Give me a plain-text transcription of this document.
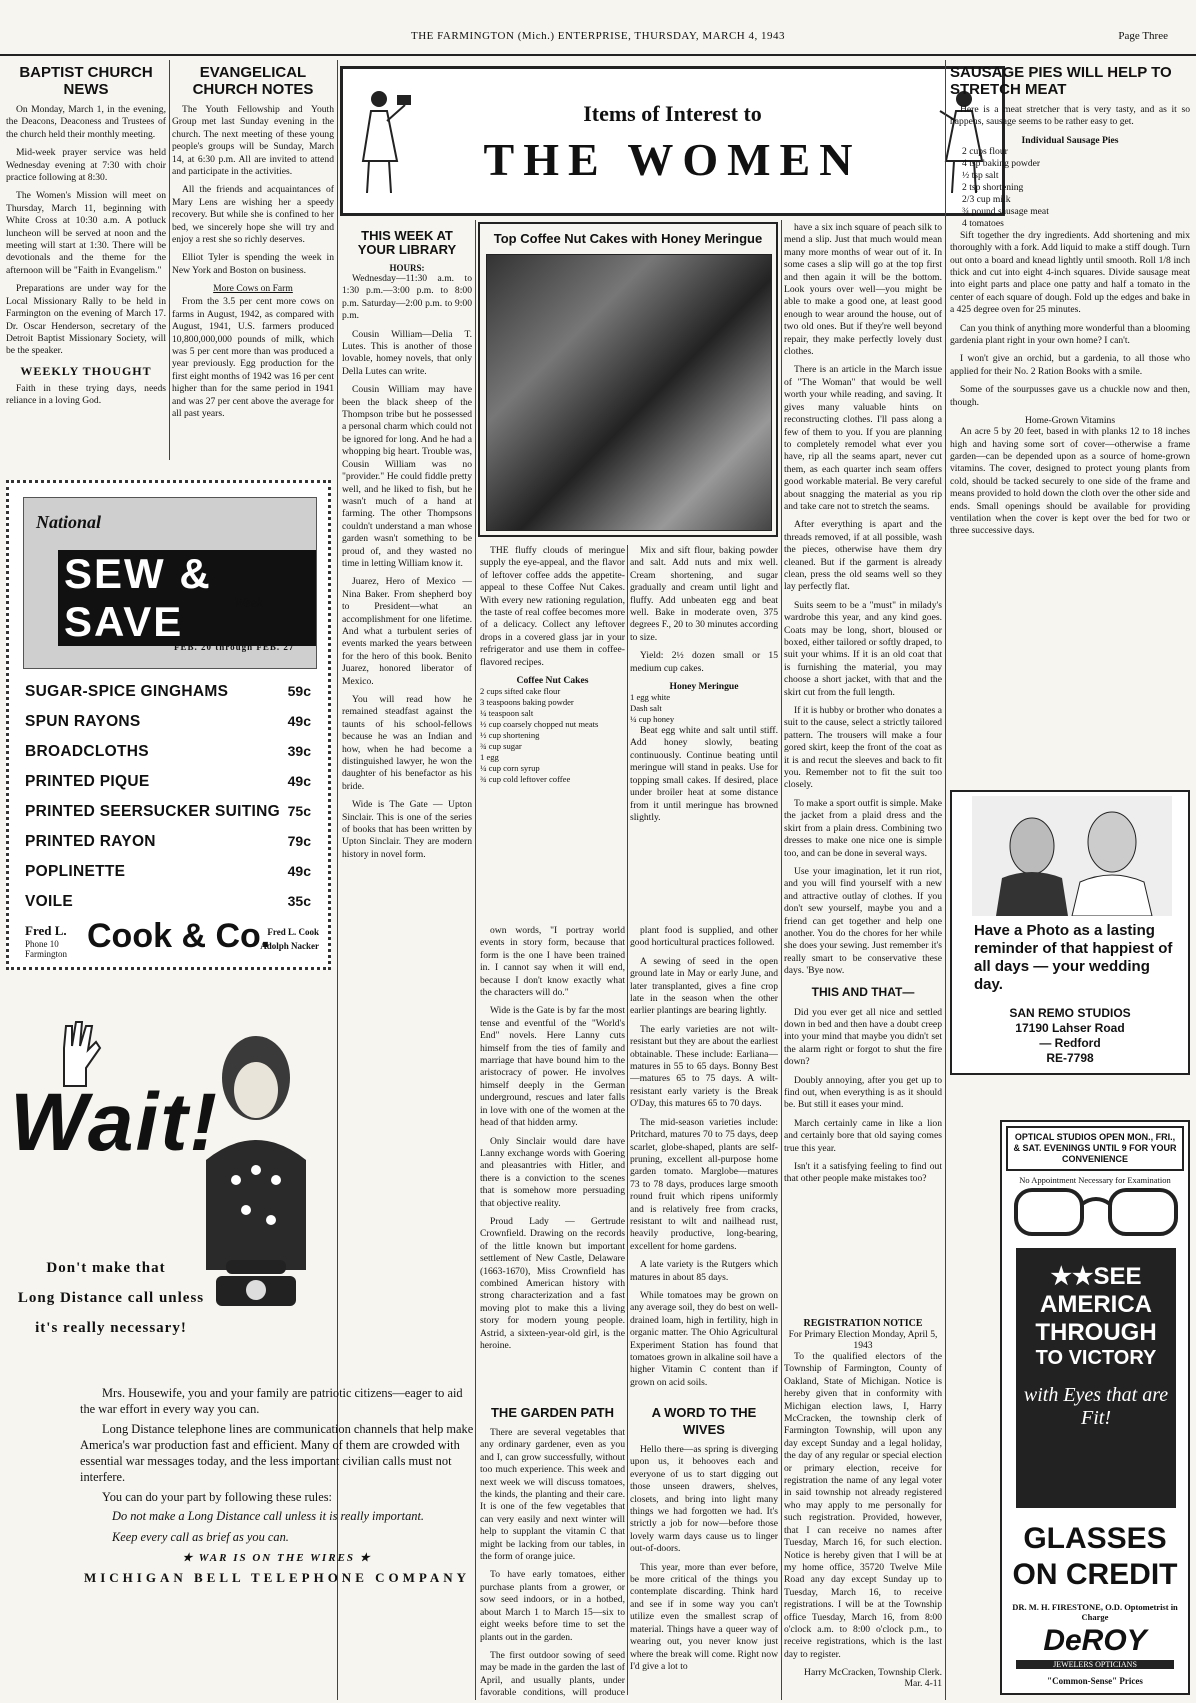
THE FARMINGTON (Mich.) ENTERPRISE, THURSDAY, MARCH 4, 1943	Page Three
BAPTIST CHURCH NEWS

On Monday, March 1, in the evening, the Deacons, Deaconess and Trustees of the church held their monthly meeting.

Mid-week prayer service was held Wednesday evening at 7:30 with choir practice following at 8:30.

The Women's Mission will meet on Thursday, March 11, beginning with White Cross at 10:30 a.m. A potluck luncheon will be served at noon and the meeting will start at 1:30. There will be devotionals and the theme for the afternoon will be "Faith in Evangelism."

Preparations are under way for the Local Missionary Rally to be held in Farmington on the evening of March 17. Dr. Oscar Henderson, secretary of the Detroit Baptist Missionary Society, will be the speaker.

WEEKLY THOUGHT

Faith in these trying days, needs reliance in a loving God.

EVANGELICAL CHURCH NOTES

The Youth Fellowship and Youth Group met last Sunday evening in the church. The next meeting of these young people's groups will be Sunday, March 14, at 6:30 p.m. All are invited to attend and participate in the activities.

All the friends and acquaintances of Mary Lens are wishing her a speedy recovery. But while she is confined to her bed, we sincerely hope she will try and enjoy a rest she so richly deserves.

Elliot Tyler is spending the week in New York and Boston on business.

More Cows on Farm

From the 3.5 per cent more cows on farms in August, 1942, as compared with August, 1941, U.S. farmers produced 10,800,000,000 pounds of milk, which was 5 per cent more than was produced a year previously. Egg production for the first eight months of 1942 was 16 per cent higher than for the same period in 1941 and was 27 per cent above the average for all past years.

Items of Interest to
THE WOMEN
THIS WEEK AT YOUR LIBRARY
HOURS:

Wednesday—11:30 a.m. to 1:30 p.m.—3:00 p.m. to 8:00 p.m. Saturday—2:00 p.m. to 9:00 p.m.

Cousin William—Delia T. Lutes. This is another of those lovable, homey novels, that only Della Lutes can write.

Cousin William may have been the black sheep of the Thompson tribe but he possessed a personal charm which could not be ignored for long. And he had a whopping big heart. Trouble was, Cousin William was no "provider." He could fiddle pretty well, and he liked to fish, but he wasn't much of a hand at farming. The other Thompsons couldn't understand a man whose garden wasn't something to be proud of, and they wasted no time in letting William know it.

Juarez, Hero of Mexico — Nina Baker. From shepherd boy to President—what an accomplishment for one lifetime. And what a turbulent series of events marked the years between for the hero of this book. Benito Juarez, honored liberator of Mexico.

You will read how he remained steadfast against the taunts of his school-fellows because he was an Indian and how, when he had become a distinguished lawyer, he won the daughter of his benefactor as his bride.

Wide is The Gate — Upton Sinclair. This is one of the series of books that has been written by Upton Sinclair. They are modern history in novel form.

Top Coffee Nut Cakes with Honey Meringue

THE fluffy clouds of meringue supply the eye-appeal, and the flavor of leftover coffee adds the appetite-appeal to these Coffee Nut Cakes. With every new rationing regulation, the taste of real coffee becomes more of a delicacy. Collect any leftover drops in a covered glass jar in your refrigerator and use them in coffee-flavored recipes.

Coffee Nut Cakes
2 cups sifted cake flour
3 teaspoons baking powder
¼ teaspoon salt
½ cup coarsely chopped nut meats
½ cup shortening
¾ cup sugar
1 egg
¼ cup corn syrup
¾ cup cold leftover coffee

Mix and sift flour, baking powder and salt. Add nuts and mix well. Cream shortening, and sugar gradually and cream until light and fluffy. Add unbeaten egg and beat well. Bake in moderate oven, 375 degrees F., 20 to 30 minutes according to size.

Yield: 2½ dozen small or 15 medium cup cakes.

Honey Meringue
1 egg white
Dash salt
¼ cup honey

Beat egg white and salt until stiff. Add honey slowly, beating continuously. Continue beating until meringue will stand in peaks. Use for topping small cakes. If desired, place under broiler heat at some distance from it until meringue has browned slightly.

own words, "I portray world events in story form, because that form is the one I have been trained in. I cannot say when it will end, because I don't know exactly what the characters will do."

Wide is the Gate is by far the most tense and eventful of the "World's End" novels. Here Lanny cuts himself from the ties of family and marriage that have bound him to the aristocracy of power. He involves himself deeply in the German underground, rescues and later falls in love with one of the women at the head of that hidden army.

Only Sinclair would dare have Lanny exchange words with Goering and pleasantries with Hitler, and there is a conviction to the scenes that is somehow more persuading that objective reality.

Proud Lady — Gertrude Crownfield. Drawing on the records of the little known but important settlement of New Castle, Delaware (1663-1670), Miss Crownfield has combined American history with strong characterization and a fast moving plot to make this a living story for modern young people. Astrid, a sixteen-year-old girl, is the heroine.

plant food is supplied, and other good horticultural practices followed.

A sewing of seed in the open ground late in May or early June, and later transplanted, gives a fine crop late in the season when the other earlier plantings are bearing lightly.

The early varieties are not wilt-resistant but they are about the earliest obtainable. These include: Earliana—matures in 55 to 65 days. Bonny Best—matures 65 to 75 days. A wilt-resistant early variety is the Break O'Day, this matures 65 to 70 days.

The mid-season varieties include: Pritchard, matures 70 to 75 days, deep scarlet, globe-shaped, plants are self-pruning, excellent all-purpose home garden tomato. Marglobe—matures 73 to 78 days, produces large smooth round fruit which ripens uniformly and is relatively free from cracks, resistant to wilt and nailhead rust, heavily productive, long-bearing, excellent for home gardens.

A late variety is the Rutgers which matures in about 85 days.

While tomatoes may be grown on any average soil, they do best on well-drained loam, high in fertility, high in organic matter. The Ohio Agricultural Experiment Station has found that tomatoes grown in alkaline soil have a higher Vitamin C content than if grown on acid soils.

THE GARDEN PATH

There are several vegetables that any ordinary gardener, even as you and I, can grow successfully, without too much experience. This week and next week we will discuss tomatoes, the kinds, the planting and their care. It is one of the few vegetables that can very easily and next winter will help to supplant the vitamin C that might be lacking from our tables, in the form of orange juice.

To have early tomatoes, either purchase plants from a grower, or sow seed indoors, or in a hotbed, about March 1 to March 15—six to eight weeks before time to set the plants out in the garden.

The first outdoor sowing of seed may be made in the garden the last of April, and usually plants, under favorable conditions, will produce

A WORD TO THE WIVES

Hello there—as spring is diverging upon us, it behooves each and everyone of us to start digging out those unseen drawers, shelves, closets, and bring into light many things we had forgotten we had. It's strictly a job for now—before those lovely warm days cause us to linger out-of-doors.

This year, more than ever before, be more critical of the things you contemplate discarding. Think hard and see if in some way you can't utilize even the smallest scrap of material. Things have a queer way of wearing out, you never know just where the break will come. Right now I'd give a lot to

have a six inch square of peach silk to mend a slip. Just that much would mean many more months of wear out of it. In some cases a slip will go at the top first and then again it will be the bottom. Look yours over well—you might be able to make a good one, at least good enough to wear around the house, out of two old ones. But if they're well beyond repair, they make perfectly lovely dust clothes.

There is an article in the March issue of "The Woman" that would be well worth your while reading, and saving. It gives many valuable hints on reconstructing clothes. I'll pass along a few of them to you. If you are planning to completely remodel what ever you have, rip all the seams apart, never cut them, as each quarter inch seam offers good workable material. Be very careful about snagging the material as you rip and take care not to stretch the seams.

After everything is apart and the threads removed, if at all possible, wash the pieces, otherwise have them dry cleaned. But if the garment is already clean, press the old seams well so they lay perfectly flat.

Suits seem to be a "must" in milady's wardrobe this year, and any kind goes. Coats may be long, short, bloused or boxed, either tailored or softly draped, to suit your whims. If it is an old coat that is furnishing the material, you may choose a short jacket, with that and the skirt cut from the full length.

If it is hubby or brother who donates a suit to the cause, select a strictly tailored pattern. The trousers will make a four gored skirt, keep the front of the coat as it is and recut the sleeves and back to fit you. Remember not to fit the suit too closely.

To make a sport outfit is simple. Make the jacket from a plaid dress and the skirt from a plain dress. Combining two dresses to make one nice one is simple too, and can be done in several ways.

Use your imagination, let it run riot, and you will find yourself with a new and attractive outlay of clothes. If you don't sew yourself, maybe you and a friend can get together and help one another. You do the chores for her while she does your sewing. Just remember it's really smart to be conservative these days. 'Bye now.

THIS AND THAT—

Did you ever get all nice and settled down in bed and then have a doubt creep into your mind that maybe you didn't set the alarm right or forgot to shut the fire down?

Doubly annoying, after you get up to find out, when everything is as it should be. But still it eases your mind.

March certainly came in like a lion and certainly bore that old saying comes true this year.

Isn't it a satisfying feeling to find out that other people make mistakes too?

REGISTRATION NOTICE
For Primary Election Monday, April 5, 1943

To the qualified electors of the Township of Farmington, County of Oakland, State of Michigan. Notice is hereby given that in conformity with Michigan election laws, I, Harry McCracken, the township clerk of Farmington Township, will upon any day except Sunday and a legal holiday, the day of any regular or special election or primary election, receive for registration the name of any legal voter in said township not already registered who may apply to me personally for such registration. Provided, however, that I can receive no names after Tuesday, March 16, for such election. Notice is hereby given that I will be at my home office, 35720 Twelve Mile Road any day except Sunday up to Tuesday, March 16, to receive registrations. I will be at the Township office Tuesday, March 16, from 8:00 o'clock a.m. to 8:00 o'clock p.m., to receive registrations, which is the last day to register.

Harry McCracken, Township Clerk.
Mar. 4-11
SAUSAGE PIES WILL HELP TO STRETCH MEAT

Here is a meat stretcher that is very tasty, and as it so happens, sausage seems to be rather easy to get.

Individual Sausage Pies
2 cups flour
4 tsp baking powder
½ tsp salt
2 tsp shortening
2/3 cup milk
¾ pound sausage meat
4 tomatoes

Sift together the dry ingredients. Add shortening and mix thoroughly with a fork. Add liquid to make a stiff dough. Turn out onto a board and knead lightly until smooth. Roll 1/8 inch thick and cut into eight 4-inch squares. Divide sausage meat into eight parts and place one patty and half a tomato in the center of each square of dough. Fold up the edges and bake in a 425 degree oven for 25 minutes.

Can you think of anything more wonderful than a blooming gardenia plant right in your own home? I can't.

I won't give an orchid, but a gardenia, to all those who applied for their No. 2 Ration Books with a smile.

Some of the sourpusses gave us a chuckle now and then, though.

Home-Grown Vitamins

An acre 5 by 20 feet, based in with planks 12 to 18 inches high and having some sort of cover—otherwise a frame garden—can be depended upon as a source of home-grown vitamins. The cover, designed to protect young plants from cold, should be tacked securely to one side of the frame and means provided to hold down the cloth over the other side and ends. Small openings should be available for providing ventilation when the cover is kept over the bed for two or three successive days.

National
SEW & SAVE	Week
FEB. 20 through FEB. 27
SUGAR-SPICE GINGHAMS	59c
SPUN RAYONS	49c
BROADCLOTHS	39c
PRINTED PIQUE	49c
PRINTED SEERSUCKER SUITING 75c
PRINTED RAYON	79c
POPLINETTE	49c
VOILE	35c
Fred L.
Phone 10
Farmington Cook & Co.
Fred L. Cook
Adolph Nacker
Wait!
Don't make that
Long Distance call unless
it's really necessary!

Mrs. Housewife, you and your family are patriotic citizens—eager to aid the war effort in every way you can.

Long Distance telephone lines are communication channels that help make America's war production fast and efficient. Many of them are crowded with essential war messages today, and the less important civilian calls must not interfere.

You can do your part by following these rules:

Do not make a Long Distance call unless it is really important.

Keep every call as brief as you can.

★ WAR IS ON THE WIRES ★
MICHIGAN BELL TELEPHONE COMPANY
Have a Photo as a lasting reminder of that happiest of all days — your wedding day.
SAN REMO STUDIOS
17190 Lahser Road
— Redford
RE-7798
OPTICAL STUDIOS OPEN MON., FRI., & SAT. EVENINGS UNTIL 9 FOR YOUR CONVENIENCE
No Appointment Necessary for Examination
★★SEE
AMERICA
THROUGH
TO VICTORY
with Eyes that are Fit!
GLASSES
ON CREDIT
DR. M. H. FIRESTONE, O.D. Optometrist in Charge
DeROY
JEWELERS OPTICIANS
"Common-Sense" Prices
